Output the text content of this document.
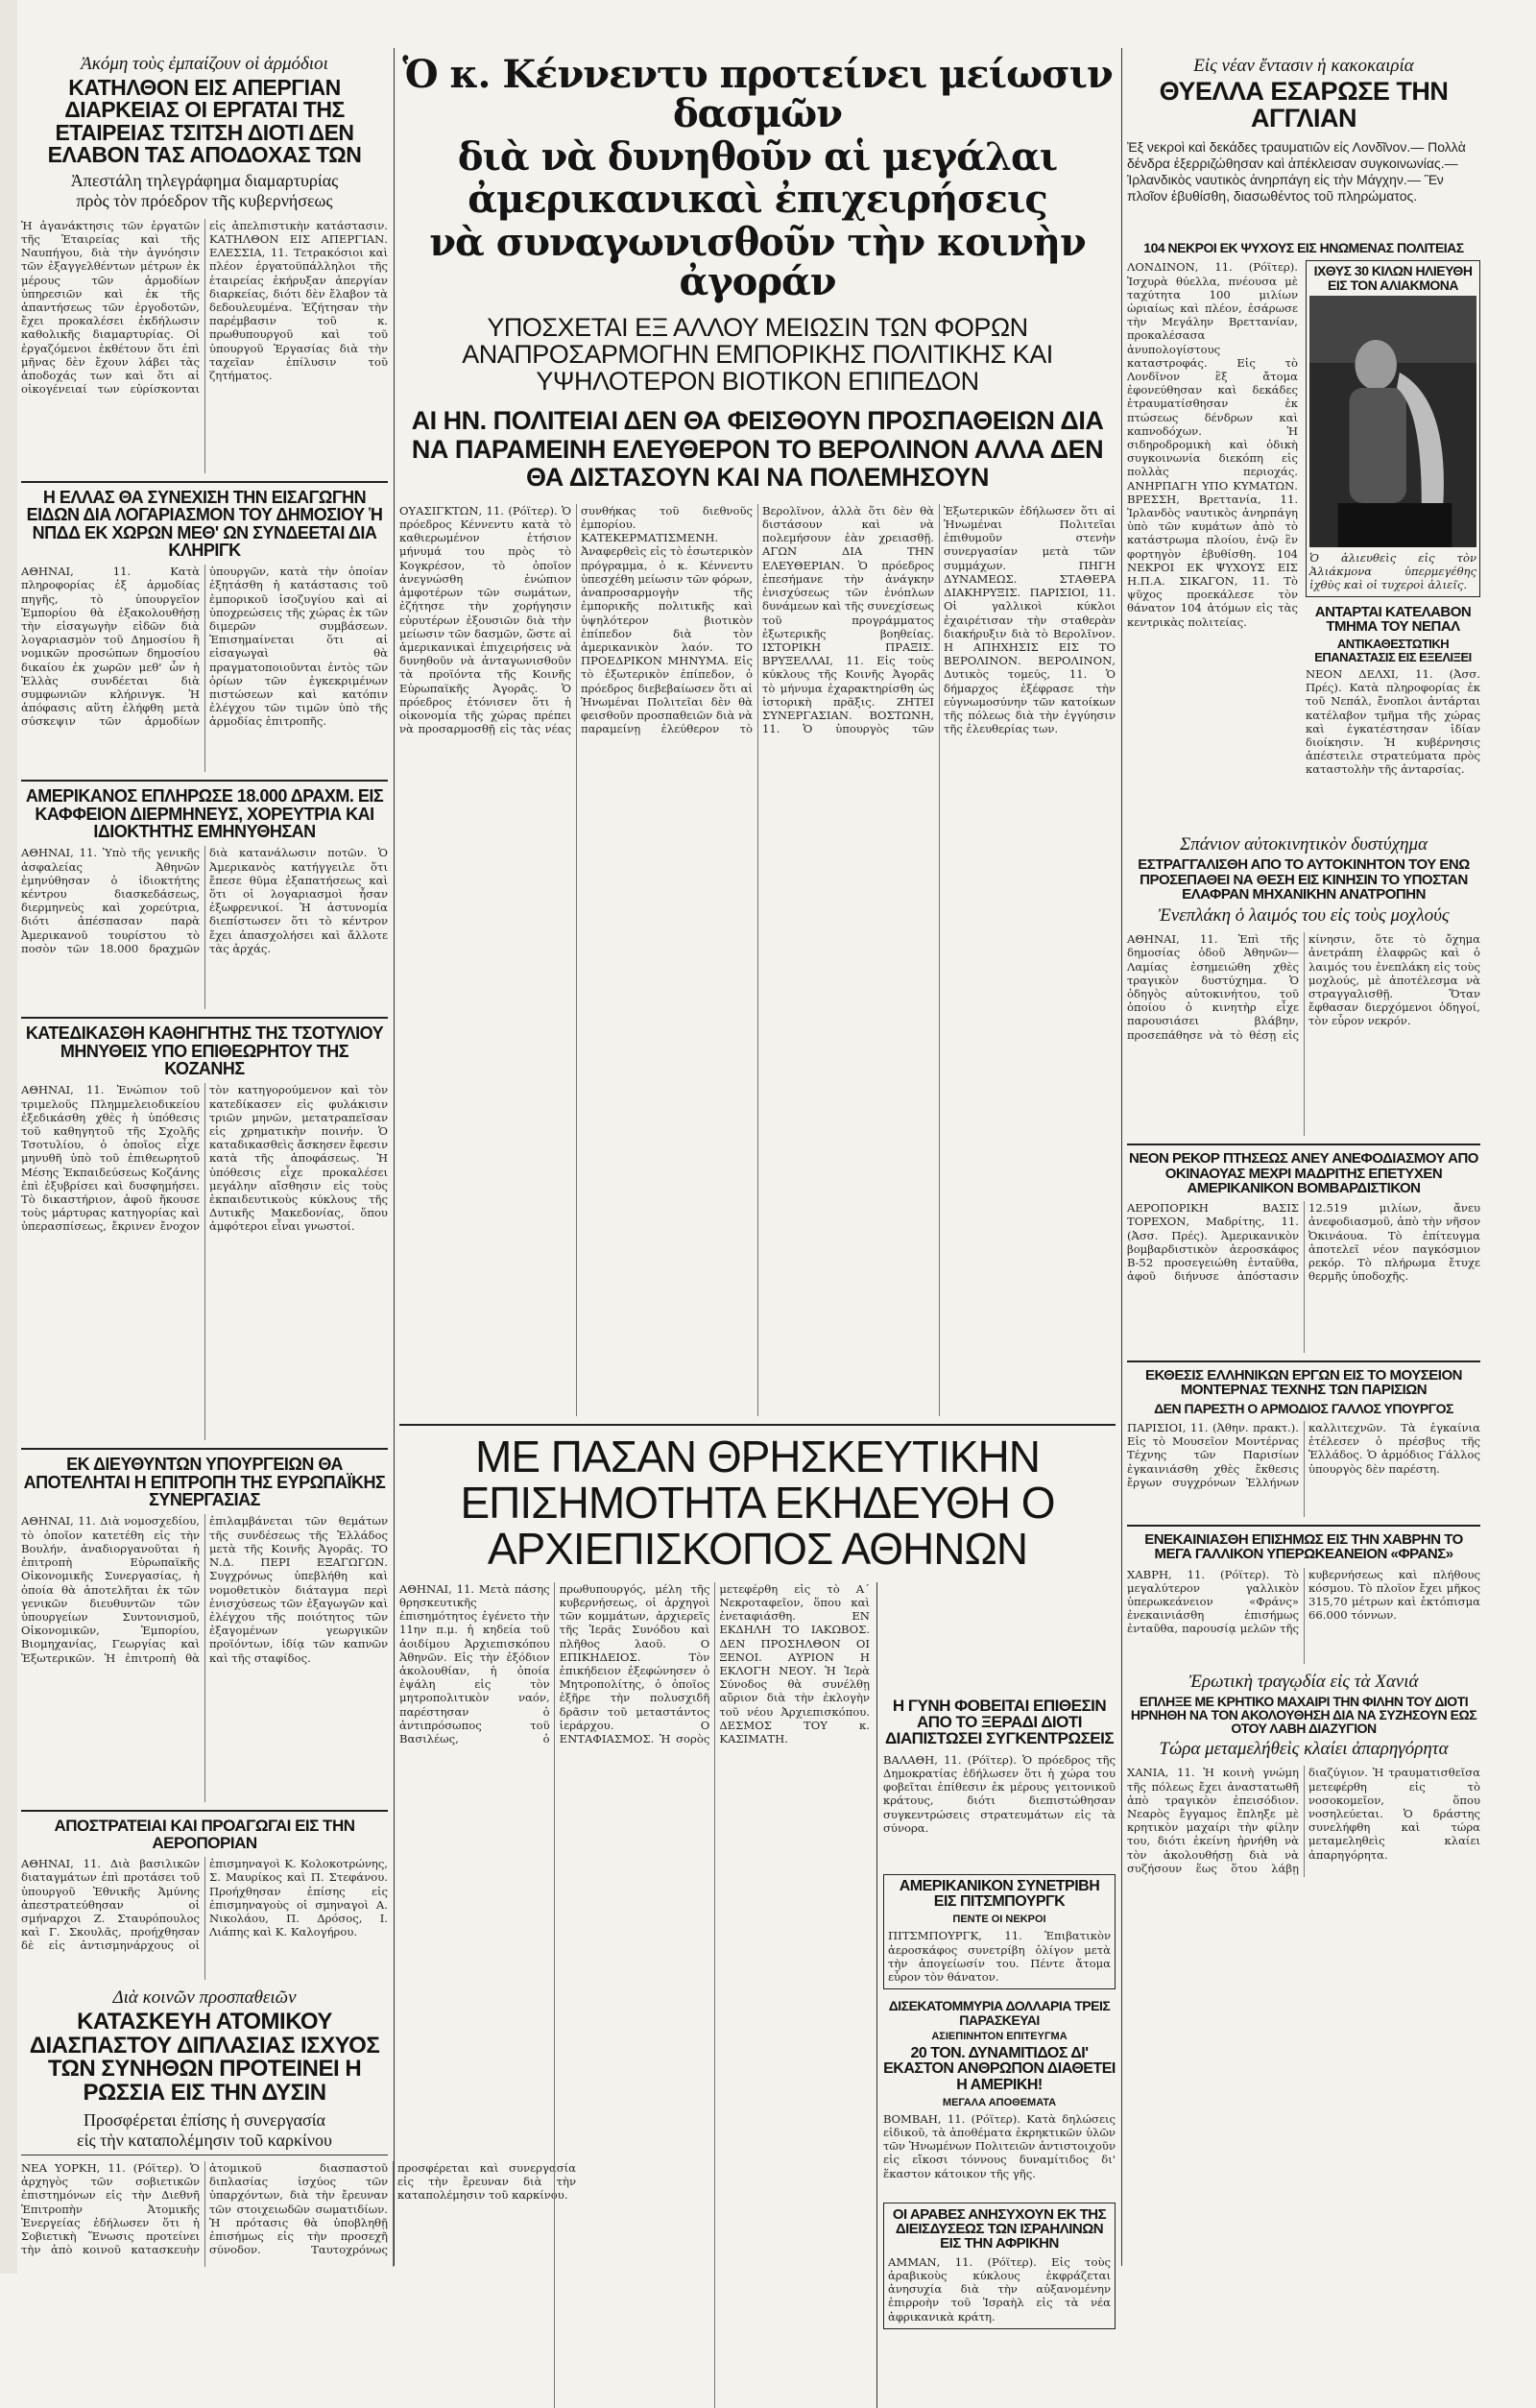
Ἀκόμη τοὺς ἐμπαίζουν οἱ ἁρμόδιοι
ΚΑΤΗΛΘΟΝ ΕΙΣ ΑΠΕΡΓΙΑΝ ΔΙΑΡΚΕΙΑΣ ΟΙ ΕΡΓΑΤΑΙ ΤΗΣ ΕΤΑΙΡΕΙΑΣ ΤΣΙΤΣΗ ΔΙΟΤΙ ΔΕΝ ΕΛΑΒΟΝ ΤΑΣ ΑΠΟΔΟΧΑΣ ΤΩΝ
Ἀπεστάλη τηλεγράφημα διαμαρτυρίας
πρὸς τὸν πρόεδρον τῆς κυβερνήσεως
Ἡ ἀγανάκτησις τῶν ἐργατῶν τῆς Ἑταιρείας καὶ τῆς Ναυπήγου, διὰ τὴν ἀγνόησιν τῶν ἐξαγγελθέντων μέτρων ἐκ μέρους τῶν ἁρμοδίων ὑπηρεσιῶν καὶ ἐκ τῆς ἀπαντήσεως τῶν ἐργοδοτῶν, ἔχει προκαλέσει ἐκδήλωσιν καθολικῆς διαμαρτυρίας. Οἱ ἐργαζόμενοι ἐκθέτουν ὅτι ἐπὶ μῆνας δὲν ἔχουν λάβει τὰς ἀποδοχάς των καὶ ὅτι αἱ οἰκογένειαί των εὑρίσκονται εἰς ἀπελπιστικὴν κατάστασιν. ΚΑΤΗΛΘΟΝ ΕΙΣ ΑΠΕΡΓΙΑΝ. ΕΛΕΣΣΙΑ, 11. Τετρακόσιοι καὶ πλέον ἐργατοϋπάλληλοι τῆς ἑταιρείας ἐκήρυξαν ἀπεργίαν διαρκείας, διότι δὲν ἔλαβον τὰ δεδουλευμένα. Ἐζήτησαν τὴν παρέμβασιν τοῦ κ. πρωθυπουργοῦ καὶ τοῦ ὑπουργοῦ Ἐργασίας διὰ τὴν ταχεῖαν ἐπίλυσιν τοῦ ζητήματος.
Η ΕΛΛΑΣ ΘΑ ΣΥΝΕΧΙΣΗ ΤΗΝ ΕΙΣΑΓΩΓΗΝ ΕΙΔΩΝ ΔΙΑ ΛΟΓΑΡΙΑΣΜΟΝ ΤΟΥ ΔΗΜΟΣΙΟΥ Ἡ ΝΠΔΔ ΕΚ ΧΩΡΩΝ ΜΕΘ' ΩΝ ΣΥΝΔΕΕΤΑΙ ΔΙΑ ΚΛΗΡΙΓΚ
ΑΘΗΝΑΙ, 11. Κατὰ πληροφορίας ἐξ ἁρμοδίας πηγῆς, τὸ ὑπουργεῖον Ἐμπορίου θὰ ἐξακολουθήσῃ τὴν εἰσαγωγὴν εἰδῶν διὰ λογαριασμὸν τοῦ Δημοσίου ἢ νομικῶν προσώπων δημοσίου δικαίου ἐκ χωρῶν μεθ' ὧν ἡ Ἑλλὰς συνδέεται διὰ συμφωνιῶν κλήρινγκ. Ἡ ἀπόφασις αὕτη ἐλήφθη μετὰ σύσκεψιν τῶν ἁρμοδίων ὑπουργῶν, κατὰ τὴν ὁποίαν ἐξητάσθη ἡ κατάστασις τοῦ ἐμπορικοῦ ἰσοζυγίου καὶ αἱ ὑποχρεώσεις τῆς χώρας ἐκ τῶν διμερῶν συμβάσεων. Ἐπισημαίνεται ὅτι αἱ εἰσαγωγαὶ θὰ πραγματοποιοῦνται ἐντὸς τῶν ὁρίων τῶν ἐγκεκριμένων πιστώσεων καὶ κατόπιν ἐλέγχου τῶν τιμῶν ὑπὸ τῆς ἁρμοδίας ἐπιτροπῆς.
ΑΜΕΡΙΚΑΝΟΣ ΕΠΛΗΡΩΣΕ 18.000 ΔΡΑΧΜ. ΕΙΣ ΚΑΦΦΕΙΟΝ ΔΙΕΡΜΗΝΕΥΣ, ΧΟΡΕΥΤΡΙΑ ΚΑΙ ΙΔΙΟΚΤΗΤΗΣ ΕΜΗΝΥΘΗΣΑΝ
ΑΘΗΝΑΙ, 11. Ὑπὸ τῆς γενικῆς ἀσφαλείας Ἀθηνῶν ἐμηνύθησαν ὁ ἰδιοκτήτης κέντρου διασκεδάσεως, διερμηνεὺς καὶ χορεύτρια, διότι ἀπέσπασαν παρὰ Ἀμερικανοῦ τουρίστου τὸ ποσὸν τῶν 18.000 δραχμῶν διὰ κατανάλωσιν ποτῶν. Ὁ Ἀμερικανὸς κατήγγειλε ὅτι ἔπεσε θῦμα ἐξαπατήσεως καὶ ὅτι οἱ λογαριασμοὶ ἦσαν ἐξωφρενικοί. Ἡ ἀστυνομία διεπίστωσεν ὅτι τὸ κέντρον ἔχει ἀπασχολήσει καὶ ἄλλοτε τὰς ἀρχάς.
ΚΑΤΕΔΙΚΑΣΘΗ ΚΑΘΗΓΗΤΗΣ ΤΗΣ ΤΣΟΤΥΛΙΟΥ ΜΗΝΥΘΕΙΣ ΥΠΟ ΕΠΙΘΕΩΡΗΤΟΥ ΤΗΣ ΚΟΖΑΝΗΣ
ΑΘΗΝΑΙ, 11. Ἐνώπιον τοῦ τριμελοῦς Πλημμελειοδικείου ἐξεδικάσθη χθὲς ἡ ὑπόθεσις τοῦ καθηγητοῦ τῆς Σχολῆς Τσοτυλίου, ὁ ὁποῖος εἶχε μηνυθῆ ὑπὸ τοῦ ἐπιθεωρητοῦ Μέσης Ἐκπαιδεύσεως Κοζάνης ἐπὶ ἐξυβρίσει καὶ δυσφημήσει. Τὸ δικαστήριον, ἀφοῦ ἤκουσε τοὺς μάρτυρας κατηγορίας καὶ ὑπερασπίσεως, ἔκρινεν ἔνοχον τὸν κατηγορούμενον καὶ τὸν κατεδίκασεν εἰς φυλάκισιν τριῶν μηνῶν, μετατραπεῖσαν εἰς χρηματικὴν ποινήν. Ὁ καταδικασθεὶς ἄσκησεν ἔφεσιν κατὰ τῆς ἀποφάσεως. Ἡ ὑπόθεσις εἶχε προκαλέσει μεγάλην αἴσθησιν εἰς τοὺς ἐκπαιδευτικοὺς κύκλους τῆς Δυτικῆς Μακεδονίας, ὅπου ἀμφότεροι εἶναι γνωστοί.
ΕΚ ΔΙΕΥΘΥΝΤΩΝ ΥΠΟΥΡΓΕΙΩΝ ΘΑ ΑΠΟΤΕΛΗΤΑΙ Η ΕΠΙΤΡΟΠΗ ΤΗΣ ΕΥΡΩΠΑΪΚΗΣ ΣΥΝΕΡΓΑΣΙΑΣ
ΑΘΗΝΑΙ, 11. Διὰ νομοσχεδίου, τὸ ὁποῖον κατετέθη εἰς τὴν Βουλήν, ἀναδιοργανοῦται ἡ ἐπιτροπὴ Εὐρωπαϊκῆς Οἰκονομικῆς Συνεργασίας, ἡ ὁποία θὰ ἀποτελῆται ἐκ τῶν γενικῶν διευθυντῶν τῶν ὑπουργείων Συντονισμοῦ, Οἰκονομικῶν, Ἐμπορίου, Βιομηχανίας, Γεωργίας καὶ Ἐξωτερικῶν. Ἡ ἐπιτροπὴ θὰ ἐπιλαμβάνεται τῶν θεμάτων τῆς συνδέσεως τῆς Ἑλλάδος μετὰ τῆς Κοινῆς Ἀγορᾶς. ΤΟ Ν.Δ. ΠΕΡΙ ΕΞΑΓΩΓΩΝ. Συγχρόνως ὑπεβλήθη καὶ νομοθετικὸν διάταγμα περὶ ἐνισχύσεως τῶν ἐξαγωγῶν καὶ ἐλέγχου τῆς ποιότητος τῶν ἐξαγομένων γεωργικῶν προϊόντων, ἰδίᾳ τῶν καπνῶν καὶ τῆς σταφίδος.
ΑΠΟΣΤΡΑΤΕΙΑΙ ΚΑΙ ΠΡΟΑΓΩΓΑΙ ΕΙΣ ΤΗΝ ΑΕΡΟΠΟΡΙΑΝ
ΑΘΗΝΑΙ, 11. Διὰ βασιλικῶν διαταγμάτων ἐπὶ προτάσει τοῦ ὑπουργοῦ Ἐθνικῆς Ἀμύνης ἀπεστρατεύθησαν οἱ σμήναρχοι Ζ. Σταυρόπουλος καὶ Γ. Σκουλᾶς, προήχθησαν δὲ εἰς ἀντισμηνάρχους οἱ ἐπισμηναγοὶ Κ. Κολοκοτρώνης, Σ. Μαυρίκος καὶ Π. Στεφάνου. Προήχθησαν ἐπίσης εἰς ἐπισμηναγοὺς οἱ σμηναγοὶ Α. Νικολάου, Π. Δρόσος, Ι. Λιάπης καὶ Κ. Καλογήρου.
Διὰ κοινῶν προσπαθειῶν
ΚΑΤΑΣΚΕΥΗ ΑΤΟΜΙΚΟΥ ΔΙΑΣΠΑΣΤΟΥ ΔΙΠΛΑΣΙΑΣ ΙΣΧΥΟΣ ΤΩΝ ΣΥΝΗΘΩΝ ΠΡΟΤΕΙΝΕΙ Η ΡΩΣΣΙΑ ΕΙΣ ΤΗΝ ΔΥΣΙΝ
Προσφέρεται ἐπίσης ἡ συνεργασία
εἰς τὴν καταπολέμησιν τοῦ καρκίνου
ΝΕΑ ΥΟΡΚΗ, 11. (Ρόϊτερ). Ὁ ἀρχηγὸς τῶν σοβιετικῶν ἐπιστημόνων εἰς τὴν Διεθνῆ Ἐπιτροπὴν Ἀτομικῆς Ἐνεργείας ἐδήλωσεν ὅτι ἡ Σοβιετικὴ Ἕνωσις προτείνει τὴν ἀπὸ κοινοῦ κατασκευὴν ἀτομικοῦ διασπαστοῦ διπλασίας ἰσχύος τῶν ὑπαρχόντων, διὰ τὴν ἔρευναν τῶν στοιχειωδῶν σωματιδίων. Ἡ πρότασις θὰ ὑποβληθῇ ἐπισήμως εἰς τὴν προσεχῆ σύνοδον. Ταυτοχρόνως προσφέρεται καὶ συνεργασία εἰς τὴν ἔρευναν διὰ τὴν καταπολέμησιν τοῦ καρκίνου.
Ὁ κ. Κέννεντυ προτείνει μείωσιν δασμῶν
διὰ νὰ δυνηθοῦν αἱ μεγάλαι
ἀμερικανικαὶ ἐπιχειρήσεις
νὰ συναγωνισθοῦν τὴν κοινὴν ἀγοράν
ΥΠΟΣΧΕΤΑΙ ΕΞ ΑΛΛΟΥ ΜΕΙΩΣΙΝ ΤΩΝ ΦΟΡΩΝ ΑΝΑΠΡΟΣΑΡΜΟΓΗΝ ΕΜΠΟΡΙΚΗΣ ΠΟΛΙΤΙΚΗΣ ΚΑΙ ΥΨΗΛΟΤΕΡΟΝ ΒΙΟΤΙΚΟΝ ΕΠΙΠΕΔΟΝ
ΑΙ ΗΝ. ΠΟΛΙΤΕΙΑΙ ΔΕΝ ΘΑ ΦΕΙΣΘΟΥΝ ΠΡΟΣΠΑΘΕΙΩΝ ΔΙΑ ΝΑ ΠΑΡΑΜΕΙΝΗ ΕΛΕΥΘΕΡΟΝ ΤΟ ΒΕΡΟΛΙΝΟΝ ΑΛΛΑ ΔΕΝ ΘΑ ΔΙΣΤΑΣΟΥΝ ΚΑΙ ΝΑ ΠΟΛΕΜΗΣΟΥΝ
ΟΥΑΣΙΓΚΤΩΝ, 11. (Ρόϊτερ). Ὁ πρόεδρος Κέννεντυ κατὰ τὸ καθιερωμένον ἐτήσιον μήνυμά του πρὸς τὸ Κογκρέσον, τὸ ὁποῖον ἀνεγνώσθη ἐνώπιον ἀμφοτέρων τῶν σωμάτων, ἐζήτησε τὴν χορήγησιν εὐρυτέρων ἐξουσιῶν διὰ τὴν μείωσιν τῶν δασμῶν, ὥστε αἱ ἀμερικανικαὶ ἐπιχειρήσεις νὰ δυνηθοῦν νὰ ἀνταγωνισθοῦν τὰ προϊόντα τῆς Κοινῆς Εὐρωπαϊκῆς Ἀγορᾶς. Ὁ πρόεδρος ἐτόνισεν ὅτι ἡ οἰκονομία τῆς χώρας πρέπει νὰ προσαρμοσθῇ εἰς τὰς νέας συνθήκας τοῦ διεθνοῦς ἐμπορίου. ΚΑΤΕΚΕΡΜΑΤΙΣΜΕΝΗ. Ἀναφερθεὶς εἰς τὸ ἐσωτερικὸν πρόγραμμα, ὁ κ. Κέννεντυ ὑπεσχέθη μείωσιν τῶν φόρων, ἀναπροσαρμογὴν τῆς ἐμπορικῆς πολιτικῆς καὶ ὑψηλότερον βιοτικὸν ἐπίπεδον διὰ τὸν ἀμερικανικὸν λαόν. ΤΟ ΠΡΟΕΔΡΙΚΟΝ ΜΗΝΥΜΑ. Εἰς τὸ ἐξωτερικὸν ἐπίπεδον, ὁ πρόεδρος διεβεβαίωσεν ὅτι αἱ Ἡνωμέναι Πολιτεῖαι δὲν θὰ φεισθοῦν προσπαθειῶν διὰ νὰ παραμείνῃ ἐλεύθερον τὸ Βερολῖνον, ἀλλὰ ὅτι δὲν θὰ διστάσουν καὶ νὰ πολεμήσουν ἐὰν χρειασθῇ. ΑΓΩΝ ΔΙΑ ΤΗΝ ΕΛΕΥΘΕΡΙΑΝ. Ὁ πρόεδρος ἐπεσήμανε τὴν ἀνάγκην ἐνισχύσεως τῶν ἐνόπλων δυνάμεων καὶ τῆς συνεχίσεως τοῦ προγράμματος ἐξωτερικῆς βοηθείας. ΙΣΤΟΡΙΚΗ ΠΡΑΞΙΣ. ΒΡΥΞΕΛΛΑΙ, 11. Εἰς τοὺς κύκλους τῆς Κοινῆς Ἀγορᾶς τὸ μήνυμα ἐχαρακτηρίσθη ὡς ἱστορικὴ πρᾶξις. ΖΗΤΕΙ ΣΥΝΕΡΓΑΣΙΑΝ. ΒΟΣΤΩΝΗ, 11. Ὁ ὑπουργὸς τῶν Ἐξωτερικῶν ἐδήλωσεν ὅτι αἱ Ἡνωμέναι Πολιτεῖαι ἐπιθυμοῦν στενὴν συνεργασίαν μετὰ τῶν συμμάχων. ΠΗΓΗ ΔΥΝΑΜΕΩΣ. ΣΤΑΘΕΡΑ ΔΙΑΚΗΡΥΞΙΣ. ΠΑΡΙΣΙΟΙ, 11. Οἱ γαλλικοὶ κύκλοι ἐχαιρέτισαν τὴν σταθερὰν διακήρυξιν διὰ τὸ Βερολῖνον. Η ΑΠΗΧΗΣΙΣ ΕΙΣ ΤΟ ΒΕΡΟΛΙΝΟΝ. ΒΕΡΟΛΙΝΟΝ, Δυτικὸς τομεύς, 11. Ὁ δήμαρχος ἐξέφρασε τὴν εὐγνωμοσύνην τῶν κατοίκων τῆς πόλεως διὰ τὴν ἐγγύησιν τῆς ἐλευθερίας των.
ΜΕ ΠΑΣΑΝ ΘΡΗΣΚΕΥΤΙΚΗΝ ΕΠΙΣΗΜΟΤΗΤΑ ΕΚΗΔΕΥΘΗ Ο ΑΡΧΙΕΠΙΣΚΟΠΟΣ ΑΘΗΝΩΝ
ΑΘΗΝΑΙ, 11. Μετὰ πάσης θρησκευτικῆς ἐπισημότητος ἐγένετο τὴν 11ην π.μ. ἡ κηδεία τοῦ ἀοιδίμου Ἀρχιεπισκόπου Ἀθηνῶν. Εἰς τὴν ἐξόδιον ἀκολουθίαν, ἡ ὁποία ἐψάλη εἰς τὸν μητροπολιτικὸν ναόν, παρέστησαν ὁ ἀντιπρόσωπος τοῦ Βασιλέως, ὁ πρωθυπουργός, μέλη τῆς κυβερνήσεως, οἱ ἀρχηγοὶ τῶν κομμάτων, ἀρχιερεῖς τῆς Ἱερᾶς Συνόδου καὶ πλῆθος λαοῦ. Ο ΕΠΙΚΗΔΕΙΟΣ. Τὸν ἐπικήδειον ἐξεφώνησεν ὁ Μητροπολίτης, ὁ ὁποῖος ἐξῆρε τὴν πολυσχιδῆ δρᾶσιν τοῦ μεταστάντος ἱεράρχου. Ο ΕΝΤΑΦΙΑΣΜΟΣ. Ἡ σορὸς μετεφέρθη εἰς τὸ Α΄ Νεκροταφεῖον, ὅπου καὶ ἐνεταφιάσθη. ΕΝ ΕΚΔΗΛΗ ΤΟ ΙΑΚΩΒΟΣ. ΔΕΝ ΠΡΟΣΗΛΘΟΝ ΟΙ ΞΕΝΟΙ. ΑΥΡΙΟΝ Η ΕΚΛΟΓΗ ΝΕΟΥ. Ἡ Ἱερὰ Σύνοδος θὰ συνέλθῃ αὔριον διὰ τὴν ἐκλογὴν τοῦ νέου Ἀρχιεπισκόπου. ΔΕΣΜΟΣ ΤΟΥ κ. ΚΑΣΙΜΑΤΗ.
Η ΓΥΝΗ ΦΟΒΕΙΤΑΙ ΕΠΙΘΕΣΙΝ ΑΠΟ ΤΟ ΞΕΡΑΔΙ ΔΙΟΤΙ ΔΙΑΠΙΣΤΩΣΕΙ ΣΥΓΚΕΝΤΡΩΣΕΙΣ
ΒΑΛΑΘΗ, 11. (Ρόϊτερ). Ὁ πρόεδρος τῆς Δημοκρατίας ἐδήλωσεν ὅτι ἡ χώρα του φοβεῖται ἐπίθεσιν ἐκ μέρους γειτονικοῦ κράτους, διότι διεπιστώθησαν συγκεντρώσεις στρατευμάτων εἰς τὰ σύνορα.
ΑΜΕΡΙΚΑΝΙΚΟΝ ΣΥΝΕΤΡΙΒΗ ΕΙΣ ΠΙΤΣΜΠΟΥΡΓΚ
ΠΕΝΤΕ ΟΙ ΝΕΚΡΟΙ
ΠΙΤΣΜΠΟΥΡΓΚ, 11. Ἐπιβατικὸν ἀεροσκάφος συνετρίβη ὀλίγον μετὰ τὴν ἀπογείωσίν του. Πέντε ἄτομα εὗρον τὸν θάνατον.
ΔΙΣΕΚΑΤΟΜΜΥΡΙΑ ΔΟΛΛΑΡΙΑ ΤΡΕΙΣ ΠΑΡΑΣΚΕΥΑΙ
ΑΣΙΕΠΙΝΗΤΟΝ ΕΠΙΤΕΥΓΜΑ
20 ΤΟΝ. ΔΥΝΑΜΙΤΙΔΟΣ ΔΙ' ΕΚΑΣΤΟΝ ΑΝΘΡΩΠΟΝ ΔΙΑΘΕΤΕΙ Η ΑΜΕΡΙΚΗ!
ΜΕΓΑΛΑ ΑΠΟΘΕΜΑΤΑ
ΒΟΜΒΑΗ, 11. (Ρόϊτερ). Κατὰ δηλώσεις εἰδικοῦ, τὰ ἀποθέματα ἐκρηκτικῶν ὑλῶν τῶν Ἡνωμένων Πολιτειῶν ἀντιστοιχοῦν εἰς εἴκοσι τόννους δυναμίτιδος δι' ἕκαστον κάτοικον τῆς γῆς.
ΟΙ ΑΡΑΒΕΣ ΑΝΗΣΥΧΟΥΝ ΕΚ ΤΗΣ ΔΙΕΙΣΔΥΣΕΩΣ ΤΩΝ ΙΣΡΑΗΛΙΝΩΝ ΕΙΣ ΤΗΝ ΑΦΡΙΚΗΝ
ΑΜΜΑΝ, 11. (Ρόϊτερ). Εἰς τοὺς ἀραβικοὺς κύκλους ἐκφράζεται ἀνησυχία διὰ τὴν αὐξανομένην ἐπιρροὴν τοῦ Ἰσραὴλ εἰς τὰ νέα ἀφρικανικὰ κράτη.
Εἰς νέαν ἔντασιν ἡ κακοκαιρία
ΘΥΕΛΛΑ ΕΣΑΡΩΣΕ ΤΗΝ ΑΓΓΛΙΑΝ
Ἐξ νεκροὶ καὶ δεκάδες τραυματιῶν εἰς Λονδῖνον.— Πολλὰ δένδρα ἐξερριζώθησαν καὶ ἀπέκλεισαν συγκοινωνίας.— Ἰρλανδικὸς ναυτικὸς ἀνηρπάγη εἰς τὴν Μάγχην.— Ἓν πλοῖον ἐβυθίσθη, διασωθέντος τοῦ πληρώματος.
104 ΝΕΚΡΟΙ ΕΚ ΨΥΧΟΥΣ ΕΙΣ ΗΝΩΜΕΝΑΣ ΠΟΛΙΤΕΙΑΣ
ΛΟΝΔΙΝΟΝ, 11. (Ρόϊτερ). Ἰσχυρὰ θύελλα, πνέουσα μὲ ταχύτητα 100 μιλίων ὡριαίως καὶ πλέον, ἐσάρωσε τὴν Μεγάλην Βρεττανίαν, προκαλέσασα ἀνυπολογίστους καταστροφάς. Εἰς τὸ Λονδῖνον ἓξ ἄτομα ἐφονεύθησαν καὶ δεκάδες ἐτραυματίσθησαν ἐκ πτώσεως δένδρων καὶ καπνοδόχων. Ἡ σιδηροδρομικὴ καὶ ὁδικὴ συγκοινωνία διεκόπη εἰς πολλὰς περιοχάς. ΑΝΗΡΠΑΓΗ ΥΠΟ ΚΥΜΑΤΩΝ. ΒΡΕΣΣΗ, Βρεττανία, 11. Ἰρλανδὸς ναυτικὸς ἀνηρπάγη ὑπὸ τῶν κυμάτων ἀπὸ τὸ κατάστρωμα πλοίου, ἐνῷ ἓν φορτηγὸν ἐβυθίσθη. 104 ΝΕΚΡΟΙ ΕΚ ΨΥΧΟΥΣ ΕΙΣ Η.Π.Α. ΣΙΚΑΓΟΝ, 11. Τὸ ψῦχος προεκάλεσε τὸν θάνατον 104 ἀτόμων εἰς τὰς κεντρικὰς πολιτείας.
ΙΧΘΥΣ 30 ΚΙΛΩΝ ΗΛΙΕΥΘΗ ΕΙΣ ΤΟΝ ΑΛΙΑΚΜΟΝΑ
Ὁ ἁλιευθεὶς εἰς τὸν Ἀλιάκμονα ὑπερμεγέθης ἰχθὺς καὶ οἱ τυχεροὶ ἁλιεῖς.
ΑΝΤΑΡΤΑΙ ΚΑΤΕΛΑΒΟΝ ΤΜΗΜΑ ΤΟΥ ΝΕΠΑΛ
ΑΝΤΙΚΑΘΕΣΤΩΤΙΚΗ ΕΠΑΝΑΣΤΑΣΙΣ ΕΙΣ ΕΞΕΛΙΞΕΙ
ΝΕΟΝ ΔΕΛΧΙ, 11. (Ἀσσ. Πρές). Κατὰ πληροφορίας ἐκ τοῦ Νεπάλ, ἔνοπλοι ἀντάρται κατέλαβον τμῆμα τῆς χώρας καὶ ἐγκατέστησαν ἰδίαν διοίκησιν. Ἡ κυβέρνησις ἀπέστειλε στρατεύματα πρὸς καταστολὴν τῆς ἀνταρσίας.
Σπάνιον αὐτοκινητικὸν δυστύχημα
ΕΣΤΡΑΓΓΑΛΙΣΘΗ ΑΠΟ ΤΟ ΑΥΤΟΚΙΝΗΤΟΝ ΤΟΥ ΕΝΩ ΠΡΟΣΕΠΑΘΕΙ ΝΑ ΘΕΣΗ ΕΙΣ ΚΙΝΗΣΙΝ ΤΟ ΥΠΟΣΤΑΝ ΕΛΑΦΡΑΝ ΜΗΧΑΝΙΚΗΝ ΑΝΑΤΡΟΠΗΝ
Ἐνεπλάκη ὁ λαιμός του εἰς τοὺς μοχλούς
ΑΘΗΝΑΙ, 11. Ἐπὶ τῆς δημοσίας ὁδοῦ Ἀθηνῶν—Λαμίας ἐσημειώθη χθὲς τραγικὸν δυστύχημα. Ὁ ὁδηγὸς αὐτοκινήτου, τοῦ ὁποίου ὁ κινητὴρ εἶχε παρουσιάσει βλάβην, προσεπάθησε νὰ τὸ θέσῃ εἰς κίνησιν, ὅτε τὸ ὄχημα ἀνετράπη ἐλαφρῶς καὶ ὁ λαιμός του ἐνεπλάκη εἰς τοὺς μοχλούς, μὲ ἀποτέλεσμα νὰ στραγγαλισθῇ. Ὅταν ἔφθασαν διερχόμενοι ὁδηγοί, τὸν εὗρον νεκρόν.
ΝΕΟΝ ΡΕΚΟΡ ΠΤΗΣΕΩΣ ΑΝΕΥ ΑΝΕΦΟΔΙΑΣΜΟΥ ΑΠΟ ΟΚΙΝΑΟΥΑΣ ΜΕΧΡΙ ΜΑΔΡΙΤΗΣ ΕΠΕΤΥΧΕΝ ΑΜΕΡΙΚΑΝΙΚΟΝ ΒΟΜΒΑΡΔΙΣΤΙΚΟΝ
ΑΕΡΟΠΟΡΙΚΗ ΒΑΣΙΣ ΤΟΡΕΧΟΝ, Μαδρίτης, 11. (Ἀσσ. Πρές). Ἀμερικανικὸν βομβαρδιστικὸν ἀεροσκάφος Β-52 προσεγειώθη ἐνταῦθα, ἀφοῦ διήνυσε ἀπόστασιν 12.519 μιλίων, ἄνευ ἀνεφοδιασμοῦ, ἀπὸ τὴν νῆσον Ὀκινάουα. Τὸ ἐπίτευγμα ἀποτελεῖ νέον παγκόσμιον ρεκόρ. Τὸ πλήρωμα ἔτυχε θερμῆς ὑποδοχῆς.
ΕΚΘΕΣΙΣ ΕΛΛΗΝΙΚΩΝ ΕΡΓΩΝ ΕΙΣ ΤΟ ΜΟΥΣΕΙΟΝ ΜΟΝΤΕΡΝΑΣ ΤΕΧΝΗΣ ΤΩΝ ΠΑΡΙΣΙΩΝ
ΔΕΝ ΠΑΡΕΣΤΗ Ο ΑΡΜΟΔΙΟΣ ΓΑΛΛΟΣ ΥΠΟΥΡΓΟΣ
ΠΑΡΙΣΙΟΙ, 11. (Ἀθην. πρακτ.). Εἰς τὸ Μουσεῖον Μοντέρνας Τέχνης τῶν Παρισίων ἐγκαινιάσθη χθὲς ἔκθεσις ἔργων συγχρόνων Ἑλλήνων καλλιτεχνῶν. Τὰ ἐγκαίνια ἐτέλεσεν ὁ πρέσβυς τῆς Ἑλλάδος. Ὁ ἁρμόδιος Γάλλος ὑπουργὸς δὲν παρέστη.
ΕΝΕΚΑΙΝΙΑΣΘΗ ΕΠΙΣΗΜΩΣ ΕΙΣ ΤΗΝ ΧΑΒΡΗΝ ΤΟ ΜΕΓΑ ΓΑΛΛΙΚΟΝ ΥΠΕΡΩΚΕΑΝΕΙΟΝ «ΦΡΑΝΣ»
ΧΑΒΡΗ, 11. (Ρόϊτερ). Τὸ μεγαλύτερον γαλλικὸν ὑπερωκεάνειον «Φράνς» ἐνεκαινιάσθη ἐπισήμως ἐνταῦθα, παρουσίᾳ μελῶν τῆς κυβερνήσεως καὶ πλήθους κόσμου. Τὸ πλοῖον ἔχει μῆκος 315,70 μέτρων καὶ ἐκτόπισμα 66.000 τόννων.
Ἐρωτικὴ τραγῳδία εἰς τὰ Χανιά
ΕΠΛΗΞΕ ΜΕ ΚΡΗΤΙΚΟ ΜΑΧΑΙΡΙ ΤΗΝ ΦΙΛΗΝ ΤΟΥ ΔΙΟΤΙ ΗΡΝΗΘΗ ΝΑ ΤΟΝ ΑΚΟΛΟΥΘΗΣΗ ΔΙΑ ΝΑ ΣΥΖΗΣΟΥΝ ΕΩΣ ΟΤΟΥ ΛΑΒΗ ΔΙΑΖΥΓΙΟΝ
Τώρα μεταμελήθεὶς κλαίει ἀπαρηγόρητα
ΧΑΝΙΑ, 11. Ἡ κοινὴ γνώμη τῆς πόλεως ἔχει ἀναστατωθῆ ἀπὸ τραγικὸν ἐπεισόδιον. Νεαρὸς ἔγγαμος ἔπληξε μὲ κρητικὸν μαχαίρι τὴν φίλην του, διότι ἐκείνη ἠρνήθη νὰ τὸν ἀκολουθήσῃ διὰ νὰ συζήσουν ἕως ὅτου λάβῃ διαζύγιον. Ἡ τραυματισθεῖσα μετεφέρθη εἰς τὸ νοσοκομεῖον, ὅπου νοσηλεύεται. Ὁ δράστης συνελήφθη καὶ τώρα μεταμεληθεὶς κλαίει ἀπαρηγόρητα.
